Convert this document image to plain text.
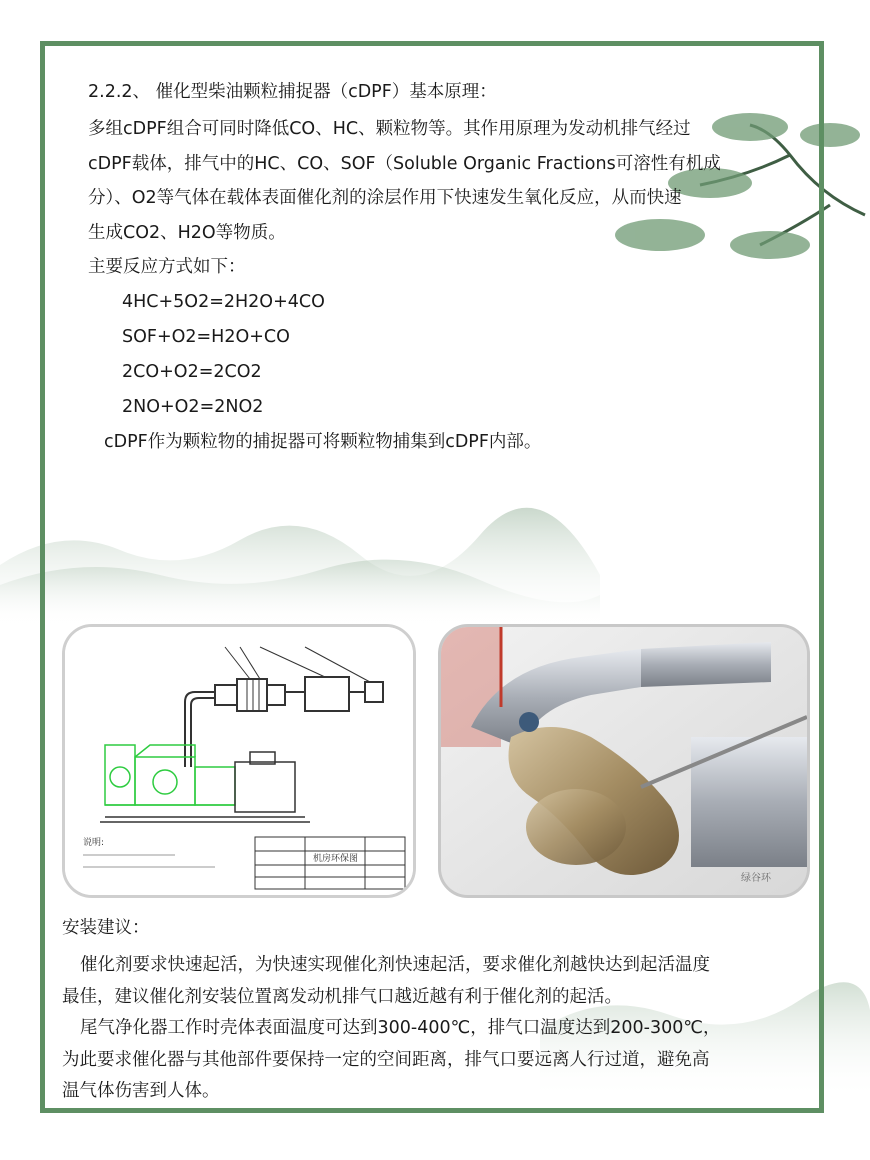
2.2.2、 催化型柴油颗粒捕捉器（cDPF）基本原理：
多组cDPF组合可同时降低CO、HC、颗粒物等。其作用原理为发动机排气经过
cDPF载体，排气中的HC、CO、SOF（Soluble Organic Fractions可溶性有机成
分）、O2等气体在载体表面催化剂的涂层作用下快速发生氧化反应，从而快速
生成CO2、H2O等物质。
主要反应方式如下：
4HC+5O2=2H2O+4CO
SOF+O2=H2O+CO
2CO+O2=2CO2
2NO+O2=2NO2
cDPF作为颗粒物的捕捉器可将颗粒物捕集到cDPF内部。
机房环保图
说明:
绿谷环
安装建议：
催化剂要求快速起活，为快速实现催化剂快速起活，要求催化剂越快达到起活温度
最佳，建议催化剂安装位置离发动机排气口越近越有利于催化剂的起活。
尾气净化器工作时壳体表面温度可达到300-400℃，排气口温度达到200-300℃，
为此要求催化器与其他部件要保持一定的空间距离，排气口要远离人行过道，避免高
温气体伤害到人体。
